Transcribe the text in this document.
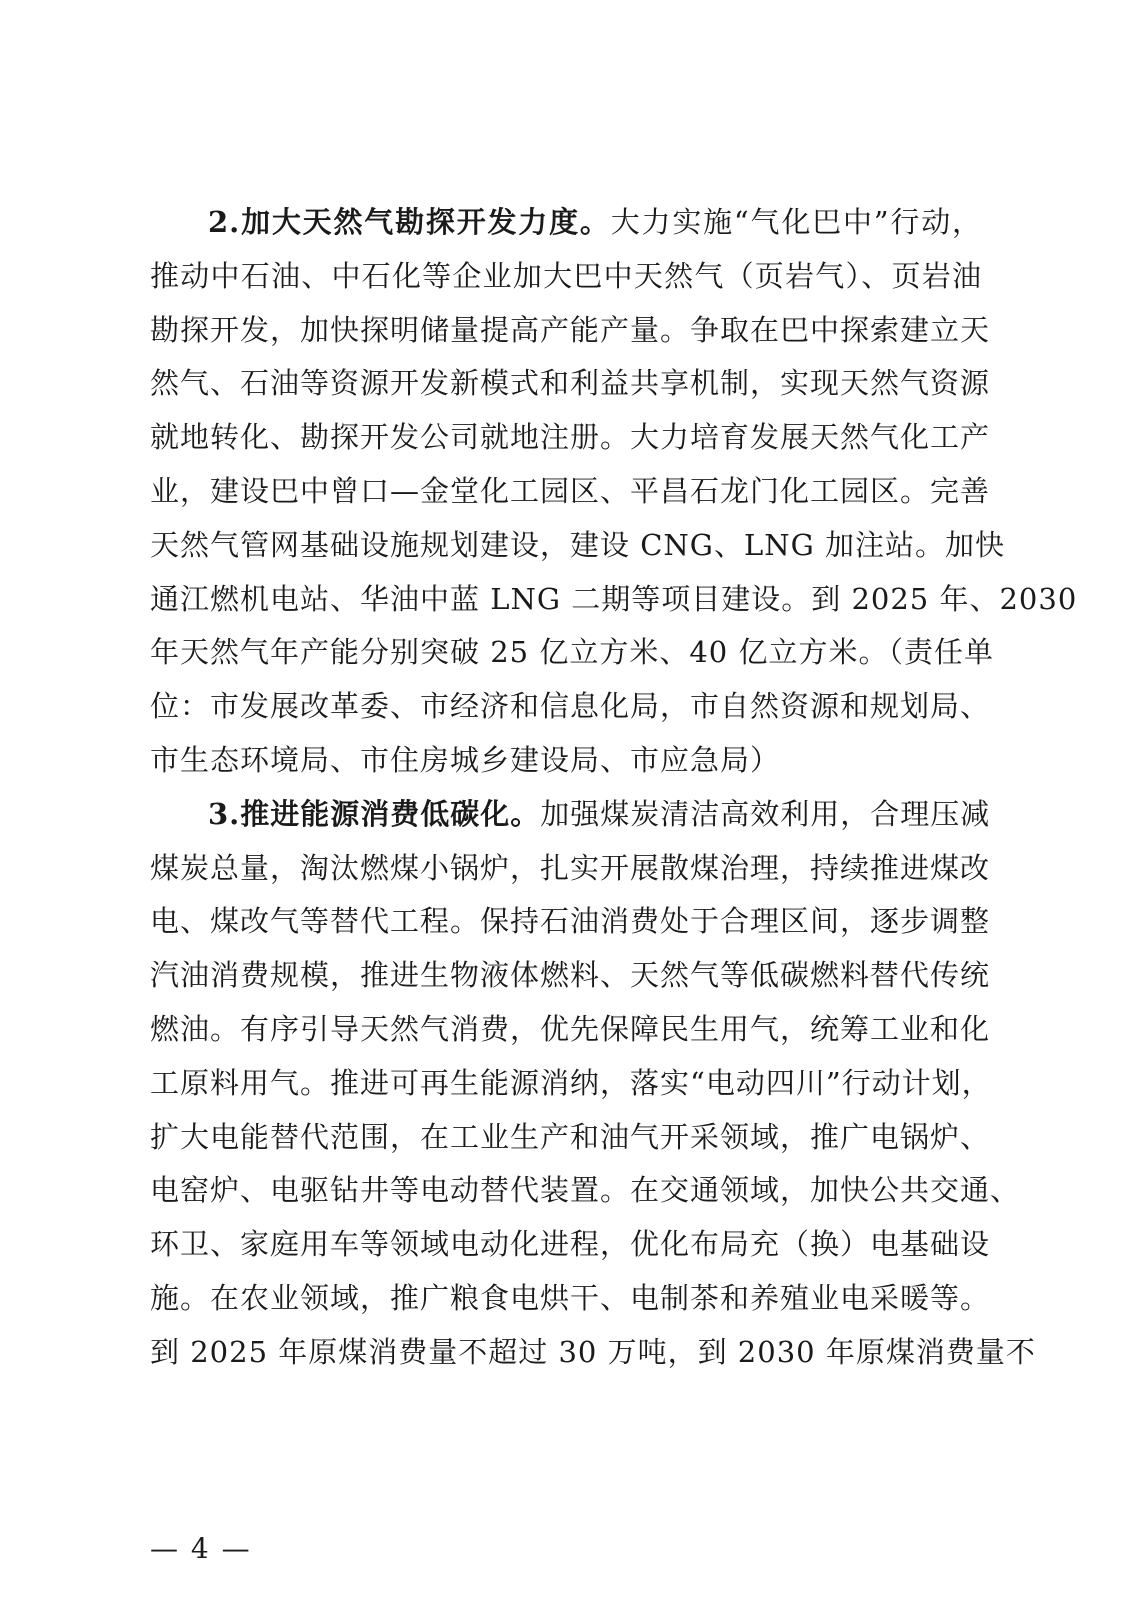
2.加大天然气勘探开发力度。大力实施“气化巴中”行动，
推动中石油、中石化等企业加大巴中天然气（页岩气）、页岩油
勘探开发，加快探明储量提高产能产量。争取在巴中探索建立天
然气、石油等资源开发新模式和利益共享机制，实现天然气资源
就地转化、勘探开发公司就地注册。大力培育发展天然气化工产
业，建设巴中曾口—金堂化工园区、平昌石龙门化工园区。完善
天然气管网基础设施规划建设，建设 CNG、LNG 加注站。加快
通江燃机电站、华油中蓝 LNG 二期等项目建设。到 2025 年、2030
年天然气年产能分别突破 25 亿立方米、40 亿立方米。（责任单
位：市发展改革委、市经济和信息化局，市自然资源和规划局、
市生态环境局、市住房城乡建设局、市应急局）
3.推进能源消费低碳化。加强煤炭清洁高效利用，合理压减
煤炭总量，淘汰燃煤小锅炉，扎实开展散煤治理，持续推进煤改
电、煤改气等替代工程。保持石油消费处于合理区间，逐步调整
汽油消费规模，推进生物液体燃料、天然气等低碳燃料替代传统
燃油。有序引导天然气消费，优先保障民生用气，统筹工业和化
工原料用气。推进可再生能源消纳，落实“电动四川”行动计划，
扩大电能替代范围，在工业生产和油气开采领域，推广电锅炉、
电窑炉、电驱钻井等电动替代装置。在交通领域，加快公共交通、
环卫、家庭用车等领域电动化进程，优化布局充（换）电基础设
施。在农业领域，推广粮食电烘干、电制茶和养殖业电采暖等。
到 2025 年原煤消费量不超过 30 万吨，到 2030 年原煤消费量不
— 4 —
